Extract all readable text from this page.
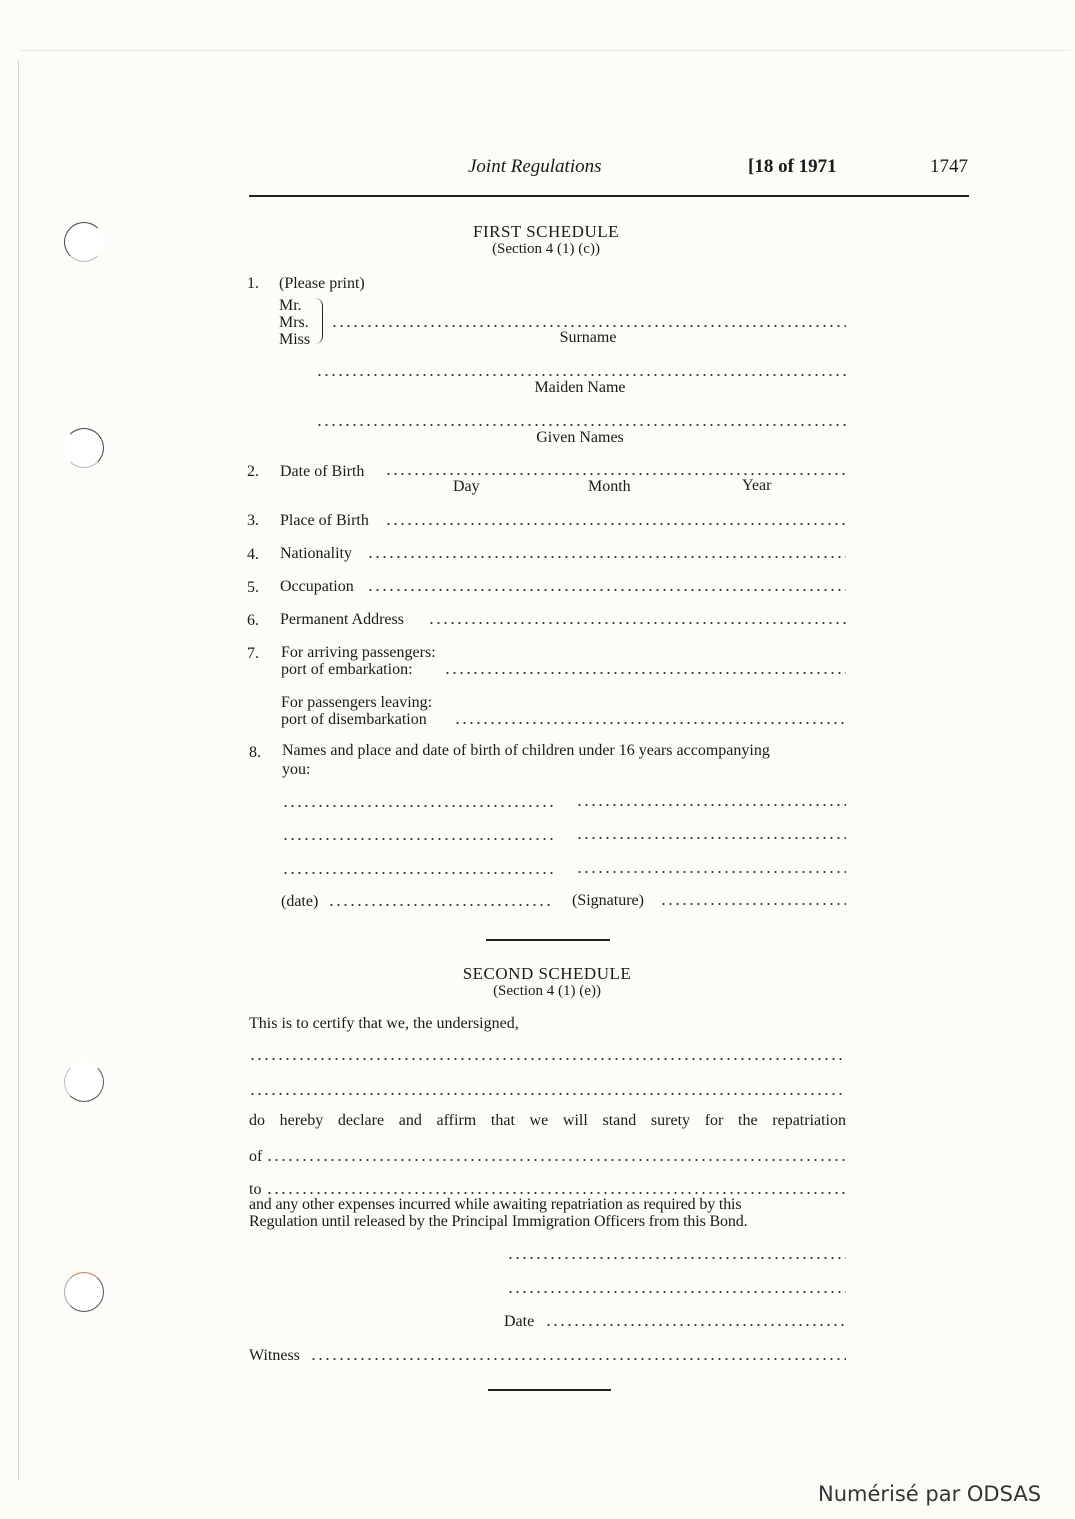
Joint Regulations	[18 of 1971	1747
FIRST SCHEDULE
(Section 4 (1) (c))
1. (Please print)
Mr.
Mrs.
Miss	Surname
Maiden Name
Given Names
2. Date of Birth
Day	Month	Year
3. Place of Birth
4. Nationality
5. Occupation
6. Permanent Address
7. For arriving passengers:
port of embarkation:
For passengers leaving:
port of disembarkation
8. Names and place and date of birth of children under 16 years accompanying
you:
(date)	(Signature)
SECOND SCHEDULE
(Section 4 (1) (e))
This is to certify that we, the undersigned,
do hereby declare and affirm that we will stand surety for the repatriation
of
to
and any other expenses incurred while awaiting repatriation as required by this
Regulation until released by the Principal Immigration Officers from this Bond.
Date
Witness
Numérisé par ODSAS
